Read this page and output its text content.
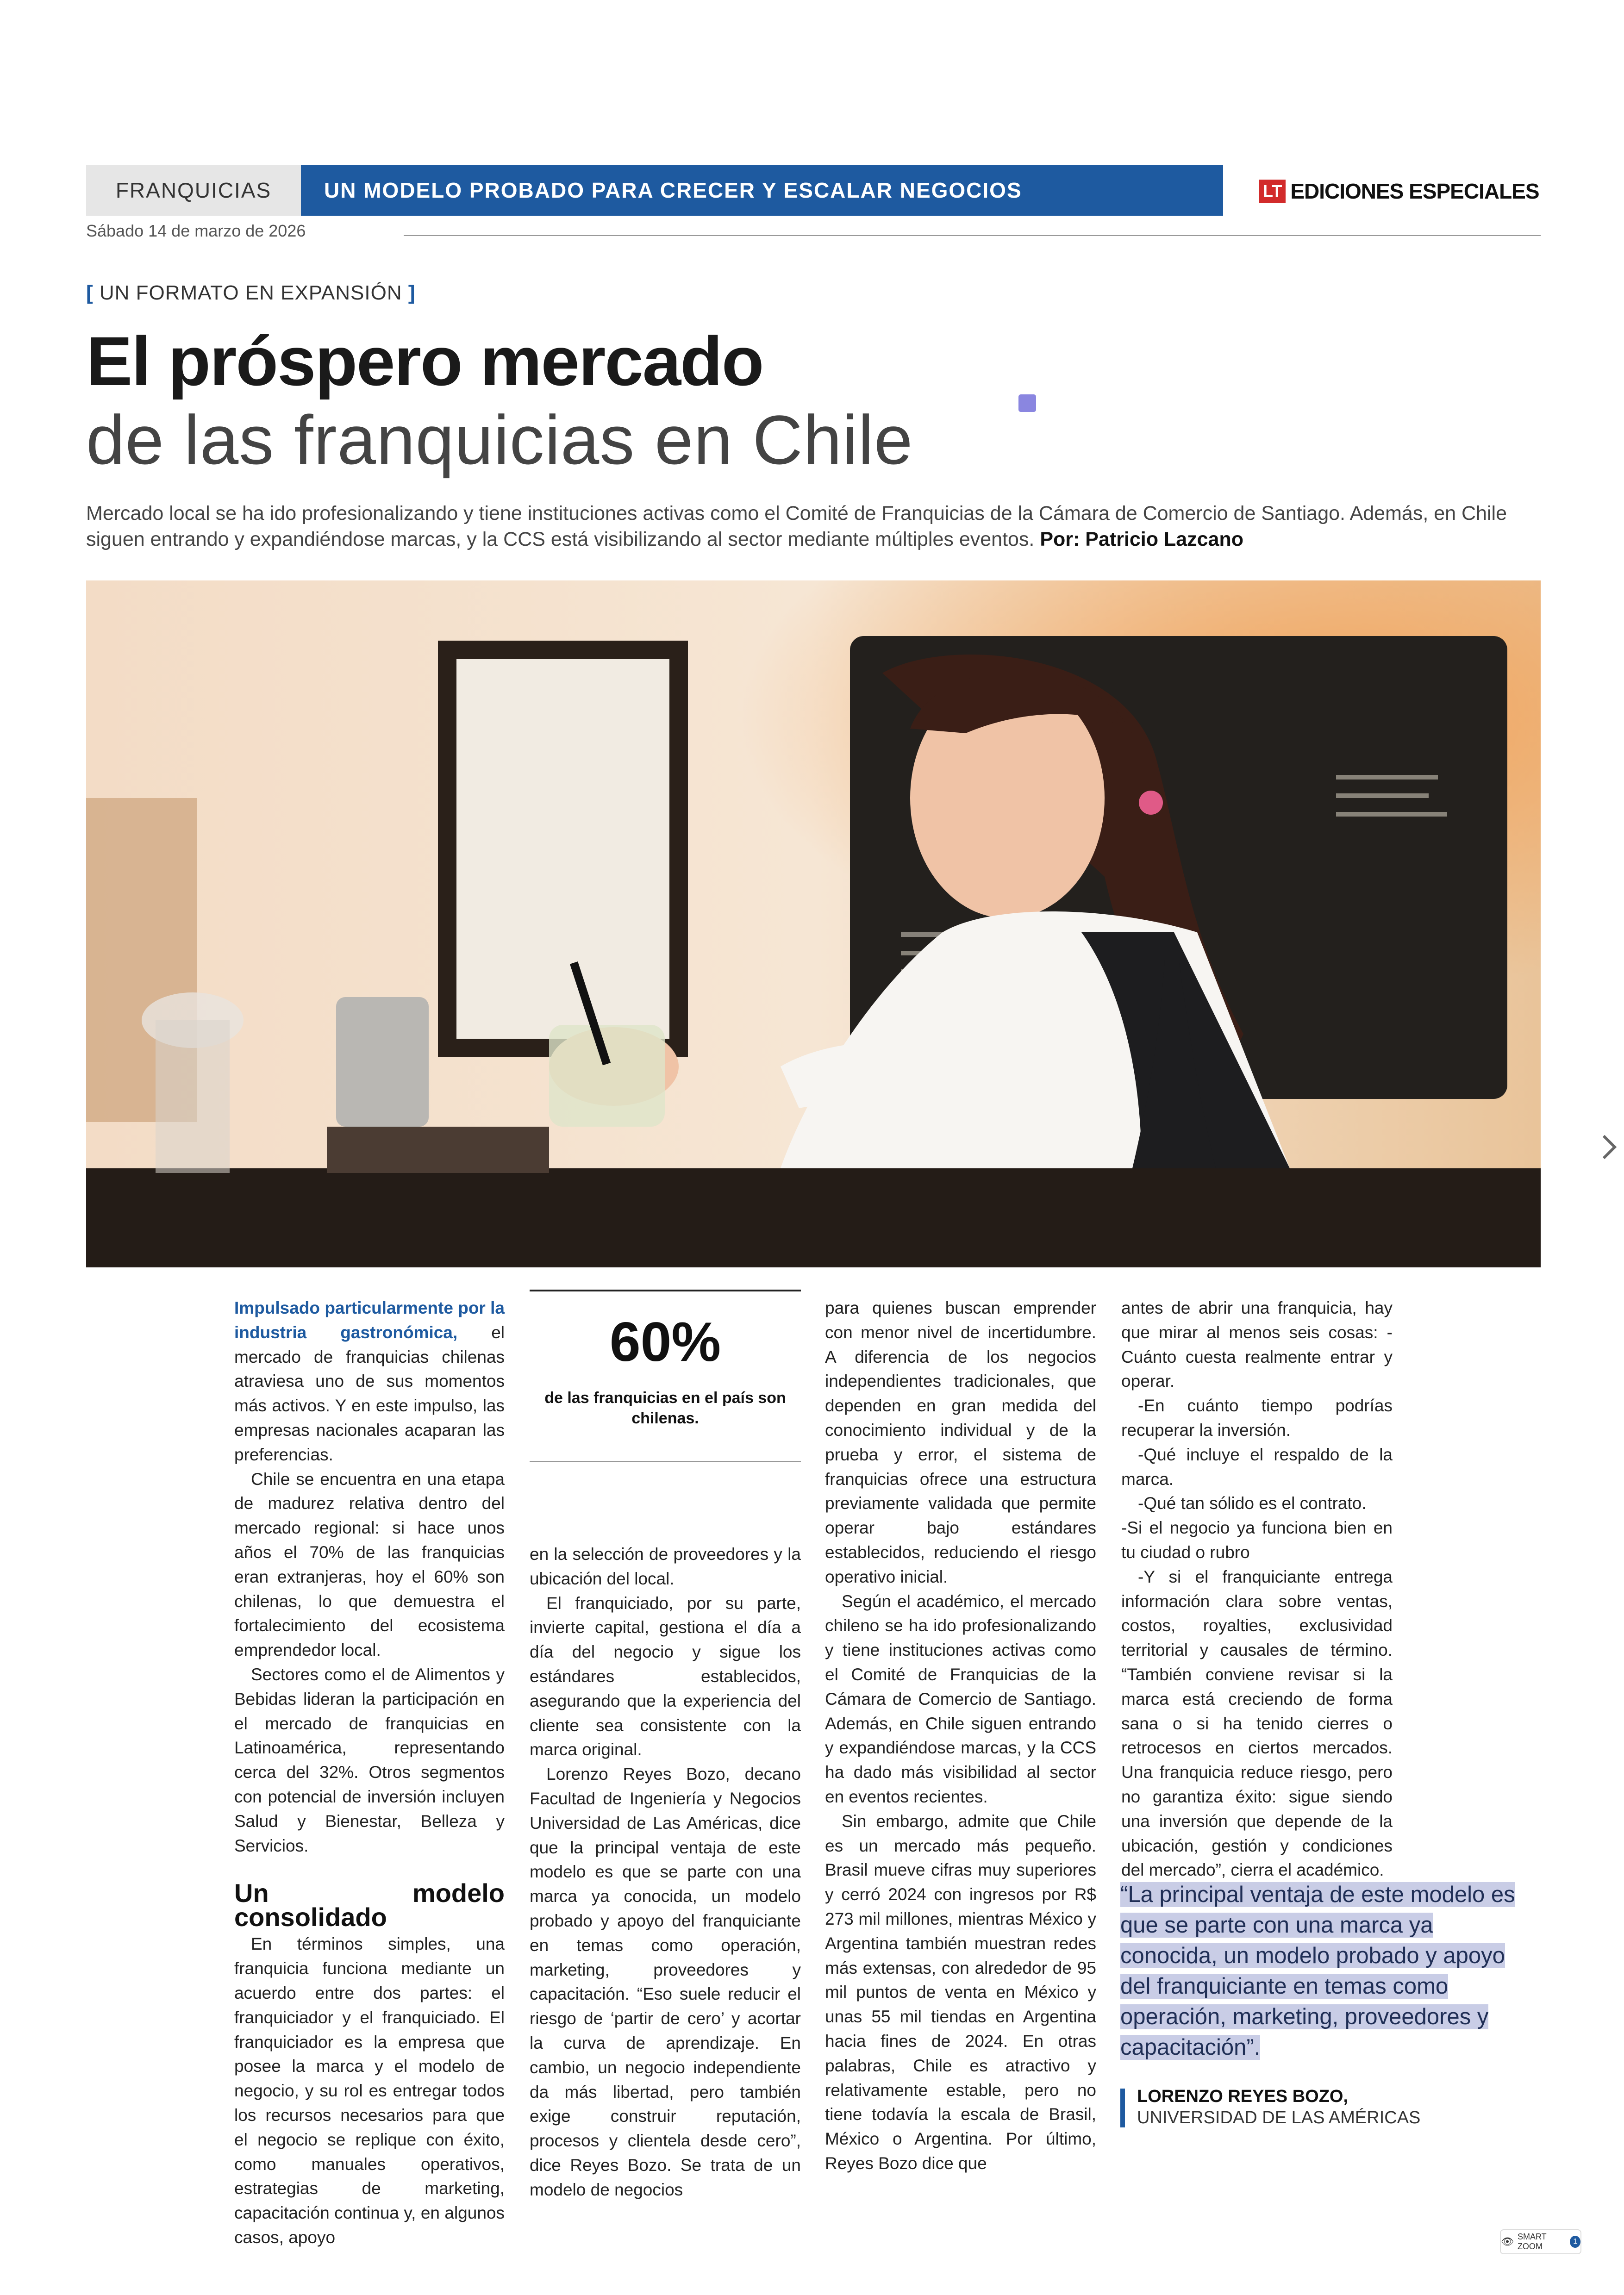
FRANQUICIAS	UN MODELO PROBADO PARA CRECER Y ESCALAR NEGOCIOS	LT EDICIONES ESPECIALES
Sábado 14 de marzo de 2026
[ UN FORMATO EN EXPANSIÓN ]
El próspero mercado
de las franquicias en Chile
Mercado local se ha ido profesionalizando y tiene instituciones activas como el Comité de Franquicias de la Cámara de Comercio de Santiago. Además, en Chile siguen entrando y expandiéndose marcas, y la CCS está visibilizando al sector mediante múltiples eventos. Por: Patricio Lazcano

Impulsado particularmente por la industria gastronómica, el mercado de franquicias chilenas atraviesa uno de sus momentos más activos. Y en este impulso, las empresas nacionales acaparan las preferencias.

Chile se encuentra en una etapa de madurez relativa dentro del mercado regional: si hace unos años el 70% de las franquicias eran extranjeras, hoy el 60% son chilenas, lo que demuestra el fortalecimiento del ecosistema emprendedor local.

Sectores como el de Alimentos y Bebidas lideran la participación en el mercado de franquicias en Latinoamérica, representando cerca del 32%. Otros segmentos con potencial de inversión incluyen Salud y Bienestar, Belleza y Servicios.

Un modelo consolidado

En términos simples, una franquicia funciona mediante un acuerdo entre dos partes: el franquiciador y el franquiciado. El franquiciador es la empresa que posee la marca y el modelo de negocio, y su rol es entregar todos los recursos necesarios para que el negocio se replique con éxito, como manuales operativos, estrategias de marketing, capacitación continua y, en algunos casos, apoyo

60%
de las franquicias en el país son chilenas.

en la selección de proveedores y la ubicación del local.

El franquiciado, por su parte, invierte capital, gestiona el día a día del negocio y sigue los estándares establecidos, asegurando que la experiencia del cliente sea consistente con la marca original.

Lorenzo Reyes Bozo, decano Facultad de Ingeniería y Negocios Universidad de Las Américas, dice que la principal ventaja de este modelo es que se parte con una marca ya conocida, un modelo probado y apoyo del franquiciante en temas como operación, marketing, proveedores y capacitación. “Eso suele reducir el riesgo de ‘partir de cero’ y acortar la curva de aprendizaje. En cambio, un negocio independiente da más libertad, pero también exige construir reputación, procesos y clientela desde cero”, dice Reyes Bozo. Se trata de un modelo de negocios

para quienes buscan emprender con menor nivel de incertidumbre. A diferencia de los negocios independientes tradicionales, que dependen en gran medida del conocimiento individual y de la prueba y error, el sistema de franquicias ofrece una estructura previamente validada que permite operar bajo estándares establecidos, reduciendo el riesgo operativo inicial.

Según el académico, el mercado chileno se ha ido profesionalizando y tiene instituciones activas como el Comité de Franquicias de la Cámara de Comercio de Santiago. Además, en Chile siguen entrando y expandiéndose marcas, y la CCS ha dado más visibilidad al sector en eventos recientes.

Sin embargo, admite que Chile es un mercado más pequeño. Brasil mueve cifras muy superiores y cerró 2024 con ingresos por R$ 273 mil millones, mientras México y Argentina también muestran redes más extensas, con alrededor de 95 mil puntos de venta en México y unas 55 mil tiendas en Argentina hacia fines de 2024. En otras palabras, Chile es atractivo y relativamente estable, pero no tiene todavía la escala de Brasil, México o Argentina. Por último, Reyes Bozo dice que

antes de abrir una franquicia, hay que mirar al menos seis cosas: -Cuánto cuesta realmente entrar y operar.

-En cuánto tiempo podrías recuperar la inversión.

-Qué incluye el respaldo de la marca.

-Qué tan sólido es el contrato.

-Si el negocio ya funciona bien en tu ciudad o rubro

-Y si el franquiciante entrega información clara sobre ventas, costos, royalties, exclusividad territorial y causales de término. “También conviene revisar si la marca está creciendo de forma sana o si ha tenido cierres o retrocesos en ciertos mercados. Una franquicia reduce riesgo, pero no garantiza éxito: sigue siendo una inversión que depende de la ubicación, gestión y condiciones del mercado”, cierra el académico.

“La principal ventaja de este modelo es que se parte con una marca ya conocida, un modelo probado y apoyo del franquiciante en temas como operación, marketing, proveedores y capacitación”.
LORENZO REYES BOZO,
UNIVERSIDAD DE LAS AMÉRICAS
👁 SMART ZOOM
1
